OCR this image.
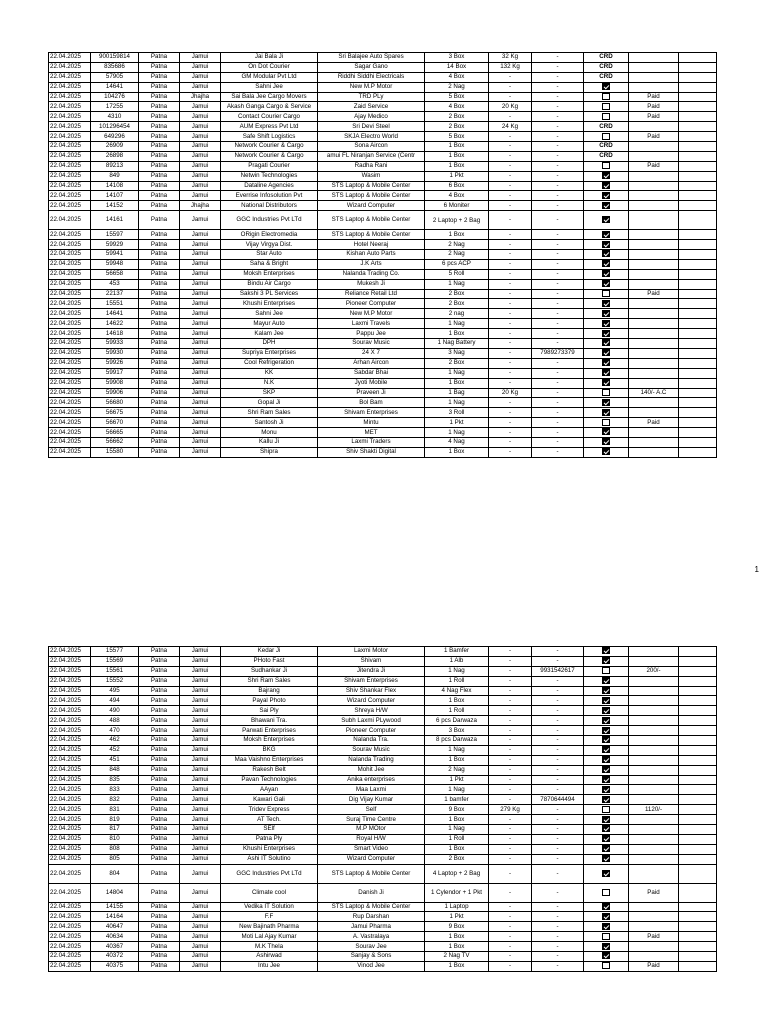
22.04.2025	900159814	Patna	Jamui	Jai Bala Ji	Sri Balajee Auto Spares	3 Box	32 Kg	-	CRD		
22.04.2025	835686	Patna	Jamui	On Dot Courier	Sagar Gano	14 Box	132 Kg	-	CRD		
22.04.2025	57905	Patna	Jamui	GM Modular Pvt Ltd	Riddhi Siddhi Electricals	4 Box	-	-	CRD		
22.04.2025	14641	Patna	Jamui	Sahni Jee	New M.P Motor	2 Nag	-	-			
22.04.2025	104276	Patna	Jhajha	Sai Bala Jee Cargo Movers	TRD PLy	5 Box	-	-		Paid	
22.04.2025	17255	Patna	Jamui	Akash Ganga Cargo & Service	Zaid Service	4 Box	20 Kg	-		Paid	
22.04.2025	4310	Patna	Jamui	Contact Courier Cargo	Ajay Medico	2 Box	-	-		Paid	
22.04.2025	101296454	Patna	Jamui	AUM Express Pvt Ltd	Sri Devi Steel	2 Box	24 Kg	-	CRD		
22.04.2025	649296	Patna	Jamui	Safe Shift Logistics	SKJA Electro World	5 Box	-	-		Paid	
22.04.2025	26909	Patna	Jamui	Network Courier & Cargo	Sona Aircon	1 Box	-	-	CRD		
22.04.2025	26898	Patna	Jamui	Network Courier & Cargo	amui FL Niranjan Service (Centr	1 Box	-	-	CRD		
22.04.2025	89213	Patna	Jamui	Pragati Courier	Radha Rani	1 Box	-	-		Paid	
22.04.2025	849	Patna	Jamui	Netwin Technologies	Wasim	1 Pkt	-	-			
22.04.2025	14108	Patna	Jamui	Dataline Agencies	STS Laptop & Mobile Center	6 Box	-	-			
22.04.2025	14107	Patna	Jamui	Everrise Infosolution Pvt	STS Laptop & Mobile Center	4 Box	-	-			
22.04.2025	14152	Patna	Jhajha	National Distributors	Wizard Computer	6 Moniter	-	-			
22.04.2025	14161	Patna	Jamui	GGC Industries Pvt LTd	STS Laptop & Mobile Center	2 Laptop + 2 Bag	-	-			
22.04.2025	15597	Patna	Jamui	ORigin Electromedia	STS Laptop & Mobile Center	1 Box	-	-			
22.04.2025	59929	Patna	Jamui	Vijay Virgya Dist.	Hotel Neeraj	2 Nag	-	-			
22.04.2025	59941	Patna	Jamui	Star Auto	Kishan Auto Parts	2 Nag	-	-			
22.04.2025	59948	Patna	Jamui	Saha & Bright	J.K Arts	6 pcs ACP	-	-			
22.04.2025	56658	Patna	Jamui	Moksh Enterprises	Nalanda Trading Co.	5 Roll	-	-			
22.04.2025	453	Patna	Jamui	Bindu Air Cargo	Mukesh Ji	1 Nag	-	-			
22.04.2025	22137	Patna	Jamui	Sakshi 3 PL Services	Reliance Retail Ltd	2 Box	-	-		Paid	
22.04.2025	15551	Patna	Jamui	Khushi Enterprises	Pioneer Computer	2 Box	-	-			
22.04.2025	14641	Patna	Jamui	Sahni Jee	New M.P Motor	2 nag	-	-			
22.04.2025	14622	Patna	Jamui	Mayur Auto	Laxmi Travels	1 Nag	-	-			
22.04.2025	14618	Patna	Jamui	Kalam Jee	Pappu Jee	1 Box	-	-			
22.04.2025	59933	Patna	Jamui	DPH	Sourav Music	1 Nag Battery	-	-			
22.04.2025	59930	Patna	Jamui	Supriya Enterprises	24 X 7	3 Nag	-	7989273379			
22.04.2025	59926	Patna	Jamui	Cool Refrigeration	Arhan Aircon	2 Box	-	-			
22.04.2025	59917	Patna	Jamui	KK	Sabdar Bhai	1 Nag	-	-			
22.04.2025	59908	Patna	Jamui	N.K	Jyoti Mobile	1 Box	-	-			
22.04.2025	59906	Patna	Jamui	SKP	Praveen Ji	1 Bag	20 Kg	-		140/- A.C	
22.04.2025	56680	Patna	Jamui	Gopal Ji	Bol Bam	1 Nag	-	-			
22.04.2025	56675	Patna	Jamui	Shri Ram Sales	Shivam Enterprises	3 Roll	-	-			
22.04.2025	56670	Patna	Jamui	Santosh Ji	Mintu	1 Pkt	-	-		Paid	
22.04.2025	56665	Patna	Jamui	Monu	MET	1 Nag	-	-			
22.04.2025	56662	Patna	Jamui	Kallu Ji	Laxmi Traders	4 Nag	-	-			
22.04.2025	15580	Patna	Jamui	Shipra	Shiv Shakti Digital	1 Box	-	-			
1
22.04.2025	15577	Patna	Jamui	Kedar Ji	Laxmi Motor	1 Bamfer	-	-			
22.04.2025	15569	Patna	Jamui	PHoto Fast	Shivam	1 Alb	-	-			
22.04.2025	15561	Patna	Jamui	Sudhankar Ji	Jitendra Ji	1 Nag	-	9931542617		200/-	
22.04.2025	15552	Patna	Jamui	Shri Ram Sales	Shivam Enterprises	1 Roll	-	-			
22.04.2025	495	Patna	Jamui	Bajrang	Shiv Shankar Flex	4 Nag Flex	-	-			
22.04.2025	494	Patna	Jamui	Payal Photo	Wizard Computer	1 Box	-	-			
22.04.2025	490	Patna	Jamui	Sai Ply	Shreya H/W	1 Roll	-	-			
22.04.2025	488	Patna	Jamui	Bhawani Tra.	Subh Laxmi PLywood	6 pcs Darwaza	-	-			
22.04.2025	470	Patna	Jamui	Parwati Enterprises	Pioneer Computer	3 Box	-	-			
22.04.2025	462	Patna	Jamui	Moksh Enterprises	Nalanda Tra.	8 pcs Darwaza	-	-			
22.04.2025	452	Patna	Jamui	BKG	Sourav Music	1 Nag	-	-			
22.04.2025	451	Patna	Jamui	Maa Vaishno Enterprises	Nalanda Trading	1 Box	-	-			
22.04.2025	848	Patna	Jamui	Rakesh Belt	Mohit Jee	2 Nag	-	-			
22.04.2025	835	Patna	Jamui	Pavan Technologies	Anika enterprises	1 Pkt	-	-			
22.04.2025	833	Patna	Jamui	AAyan	Maa Laxmi	1 Nag	-	-			
22.04.2025	832	Patna	Jamui	Kawari Gali	Dig Vijay Kumar	1 bamfer	-	7870644494			
22.04.2025	831	Patna	Jamui	Tridev Express	Self	9 Box	279 Kg	-		1120/-	
22.04.2025	819	Patna	Jamui	AT Tech.	Suraj Time Centre	1 Box	-	-			
22.04.2025	817	Patna	Jamui	SElf	M.P MOtor	1 Nag	-	-			
22.04.2025	810	Patna	Jamui	Patna Ply	Royal H/W	1 Roll	-	-			
22.04.2025	808	Patna	Jamui	Khushi Enterprises	Smart Video	1 Box	-	-			
22.04.2025	805	Patna	Jamui	Ashi IT Solutino	Wizard Computer	2 Box	-	-			
22.04.2025	804	Patna	Jamui	GGC Industries Pvt LTd	STS Laptop & Mobile Center	4 Laptop + 2 Bag	-	-			
22.04.2025	14804	Patna	Jamui	Climate cool	Danish Ji	1 Cylendor + 1 Pkt	-	-		Paid	
22.04.2025	14155	Patna	Jamui	Vedika IT Solution	STS Laptop & Mobile Center	1 Laptop	-	-			
22.04.2025	14164	Patna	Jamui	F.F	Rup Darshan	1 Pkt	-	-			
22.04.2025	40647	Patna	Jamui	New Bajinath Pharma	Jamui Pharma	9 Box	-	-			
22.04.2025	40634	Patna	Jamui	Moti Lal Ajay Kumar	A. Vastralaya	1 Box	-	-		Paid	
22.04.2025	40367	Patna	Jamui	M.K Thela	Sourav Jee	1 Box	-	-			
22.04.2025	40372	Patna	Jamui	Ashirwad	Sanjay & Sons	2 Nag TV	-	-			
22.04.2025	40375	Patna	Jamui	Intu Jee	Vinod Jee	1 Box	-	-		Paid	
